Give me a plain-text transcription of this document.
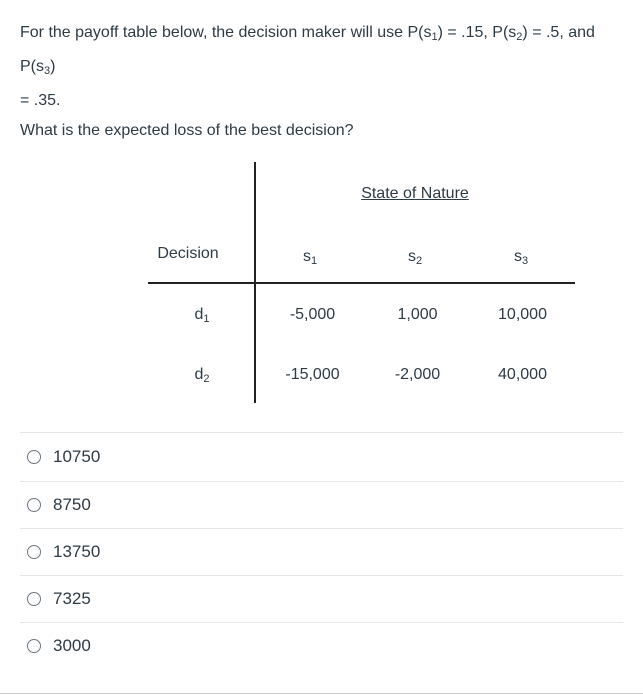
For the payoff table below, the decision maker will use $P(s_1) = .15$, $P(s_2) = .5$, and $P(s_3)$

= .35.

What is the expected loss of the best decision?

State of Nature
Decision	$s_1$	$s_2$	$s_3$
$d_1$	-5,000	1,000	10,000
$d_2$	-15,000	-2,000	40,000
10750
8750
13750
7325
3000
